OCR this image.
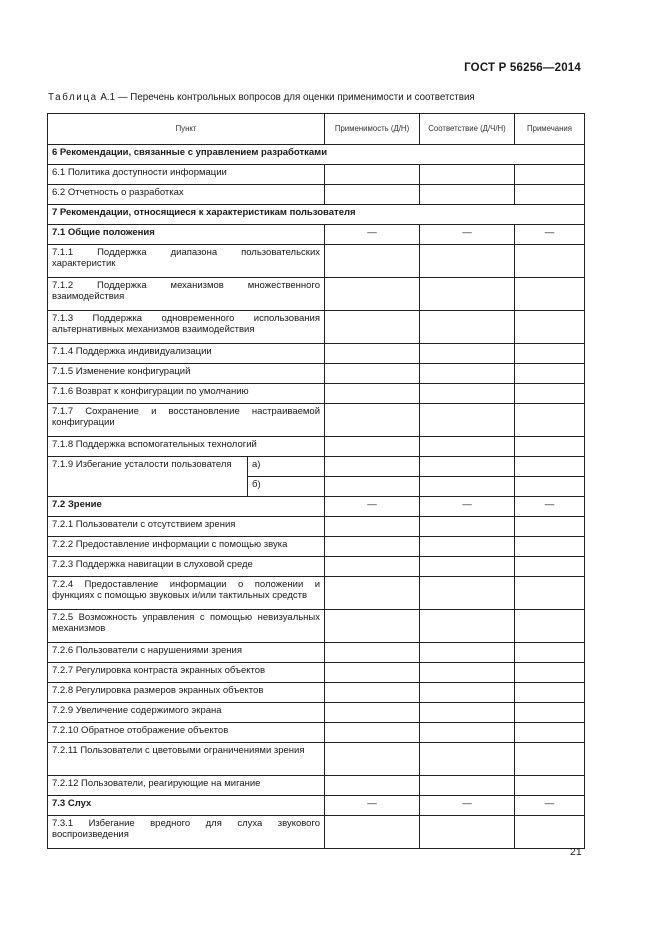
ГОСТ Р 56256—2014
Таблица А.1 — Перечень контрольных вопросов для оценки применимости и соответствия
Пункт		Применимость (Д/Н)	Соответствие (Д/Ч/Н)	Примечания
6 Рекомендации, связанные с управлением разработками				
6.1 Политика доступности информации				
6.2 Отчетность о разработках				
7 Рекомендации, относящиеся к характеристикам пользователя				
7.1 Общие положения		—	—	—
7.1.1 Поддержка диапазона пользовательских характеристик				
7.1.2 Поддержка механизмов множественного взаимодействия				
7.1.3 Поддержка одновременного использования альтернативных механизмов взаимодействия				
7.1.4 Поддержка индивидуализации				
7.1.5 Изменение конфигураций				
7.1.6 Возврат к конфигурации по умолчанию				
7.1.7 Сохранение и восстановление настраиваемой конфигурации				
7.1.8 Поддержка вспомогательных технологий				
7.1.9 Избегание усталости пользователя	а)			
	б)			
7.2 Зрение		—	—	—
7.2.1 Пользователи с отсутствием зрения				
7.2.2 Предоставление информации с помощью звука				
7.2.3 Поддержка навигации в слуховой среде				
7.2.4 Предоставление информации о положении и функциях с помощью звуковых и/или тактильных средств				
7.2.5 Возможность управления с помощью невизуальных механизмов				
7.2.6 Пользователи с нарушениями зрения				
7.2.7 Регулировка контраста экранных объектов				
7.2.8 Регулировка размеров экранных объектов				
7.2.9 Увеличение содержимого экрана				
7.2.10 Обратное отображение объектов				
7.2.11 Пользователи с цветовыми ограничениями зрения				
7.2.12 Пользователи, реагирующие на мигание				
7.3 Слух		—	—	—
7.3.1 Избегание вредного для слуха звукового воспроизведения				
21
